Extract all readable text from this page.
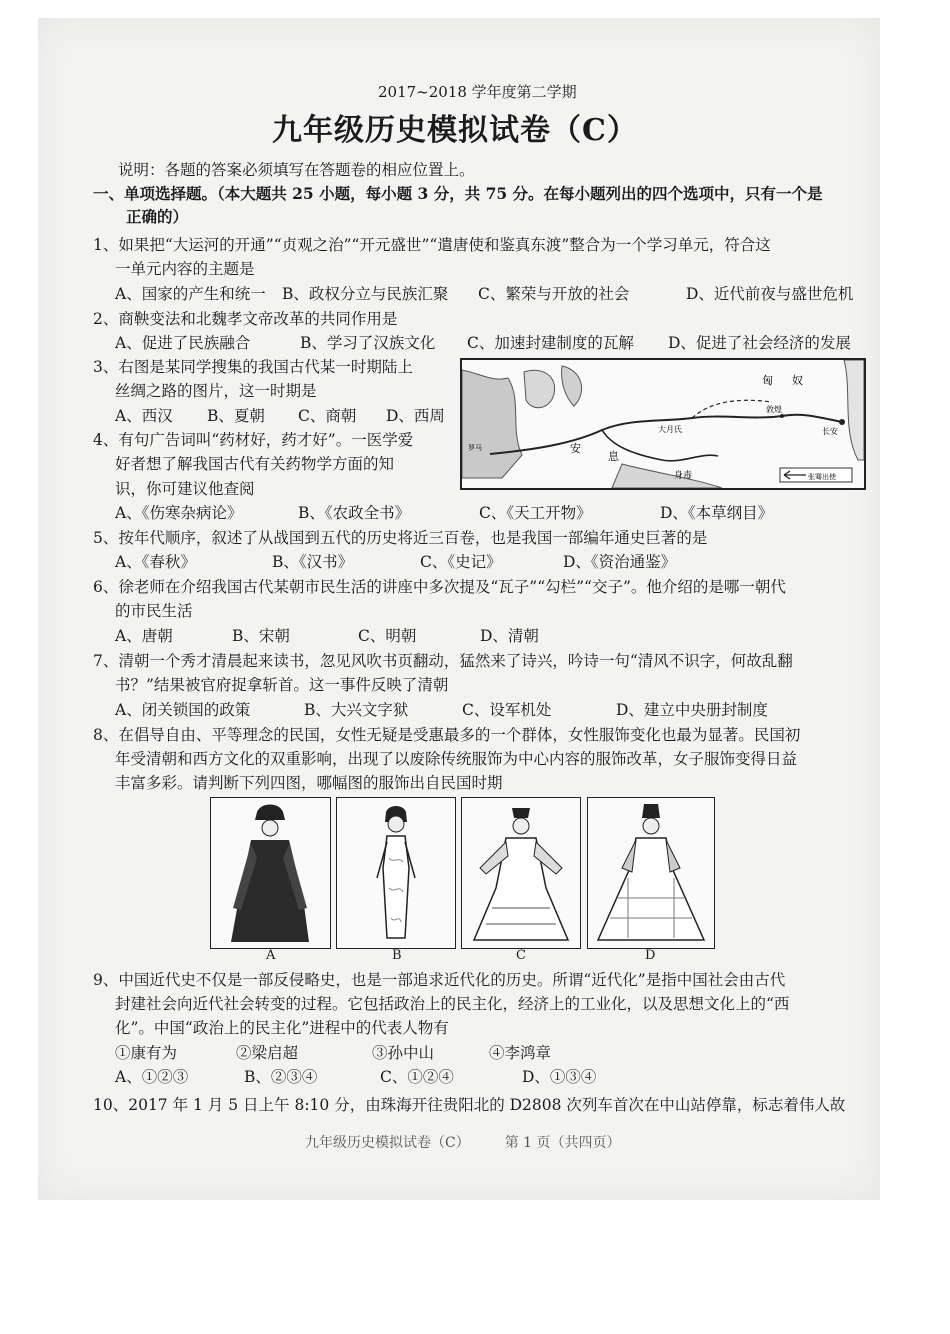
2017~2018 学年度第二学期
九年级历史模拟试卷（C）
说明：各题的答案必须填写在答题卷的相应位置上。
一、单项选择题。（本大题共 25 小题，每小题 3 分，共 75 分。在每小题列出的四个选项中，只有一个是
正确的）
1、如果把“大运河的开通”“贞观之治”“开元盛世”“遣唐使和鉴真东渡”整合为一个学习单元，符合这
一单元内容的主题是
A、国家的产生和统一 B、政权分立与民族汇聚 C、繁荣与开放的社会	D、近代前夜与盛世危机
2、商鞅变法和北魏孝文帝改革的共同作用是
A、促进了民族融合	B、学习了汉族文化 C、加速封建制度的瓦解 D、促进了社会经济的发展
3、右图是某同学搜集的我国古代某一时期陆上
丝绸之路的图片，这一时期是
A、西汉 B、夏朝 C、商朝 D、西周
匈 奴
安
息
大月氏
身毒	张骞出使
敦煌
长安
罗马
4、有句广告词叫“药材好，药才好”。一医学爱
好者想了解我国古代有关药物学方面的知
识，你可建议他查阅
A、《伤寒杂病论》	B、《农政全书》	C、《天工开物》	D、《本草纲目》
5、按年代顺序，叙述了从战国到五代的历史将近三百卷，也是我国一部编年通史巨著的是
A、《春秋》	B、《汉书》	C、《史记》	D、《资治通鉴》
6、徐老师在介绍我国古代某朝市民生活的讲座中多次提及“瓦子”“勾栏”“交子”。他介绍的是哪一朝代
的市民生活
A、唐朝	B、宋朝	C、明朝	D、清朝
7、清朝一个秀才清晨起来读书，忽见风吹书页翻动，猛然来了诗兴，吟诗一句“清风不识字，何故乱翻
书？”结果被官府捉拿斩首。这一事件反映了清朝
A、闭关锁国的政策	B、大兴文字狱	C、设军机处	D、建立中央册封制度
8、在倡导自由、平等理念的民国，女性无疑是受惠最多的一个群体，女性服饰变化也最为显著。民国初
年受清朝和西方文化的双重影响，出现了以废除传统服饰为中心内容的服饰改革，女子服饰变得日益
丰富多彩。请判断下列四图，哪幅图的服饰出自民国时期
A	B	C	D
9、中国近代史不仅是一部反侵略史，也是一部追求近代化的历史。所谓“近代化”是指中国社会由古代
封建社会向近代社会转变的过程。它包括政治上的民主化，经济上的工业化，以及思想文化上的“西
化”。中国“政治上的民主化”进程中的代表人物有
①康有为	②梁启超	③孙中山	④李鸿章
A、①②③	B、②③④	C、①②④	D、①③④
10、2017 年 1 月 5 日上午 8:10 分，由珠海开往贵阳北的 D2808 次列车首次在中山站停靠，标志着伟人故
九年级历史模拟试卷（C）　　　第 1 页（共四页）
